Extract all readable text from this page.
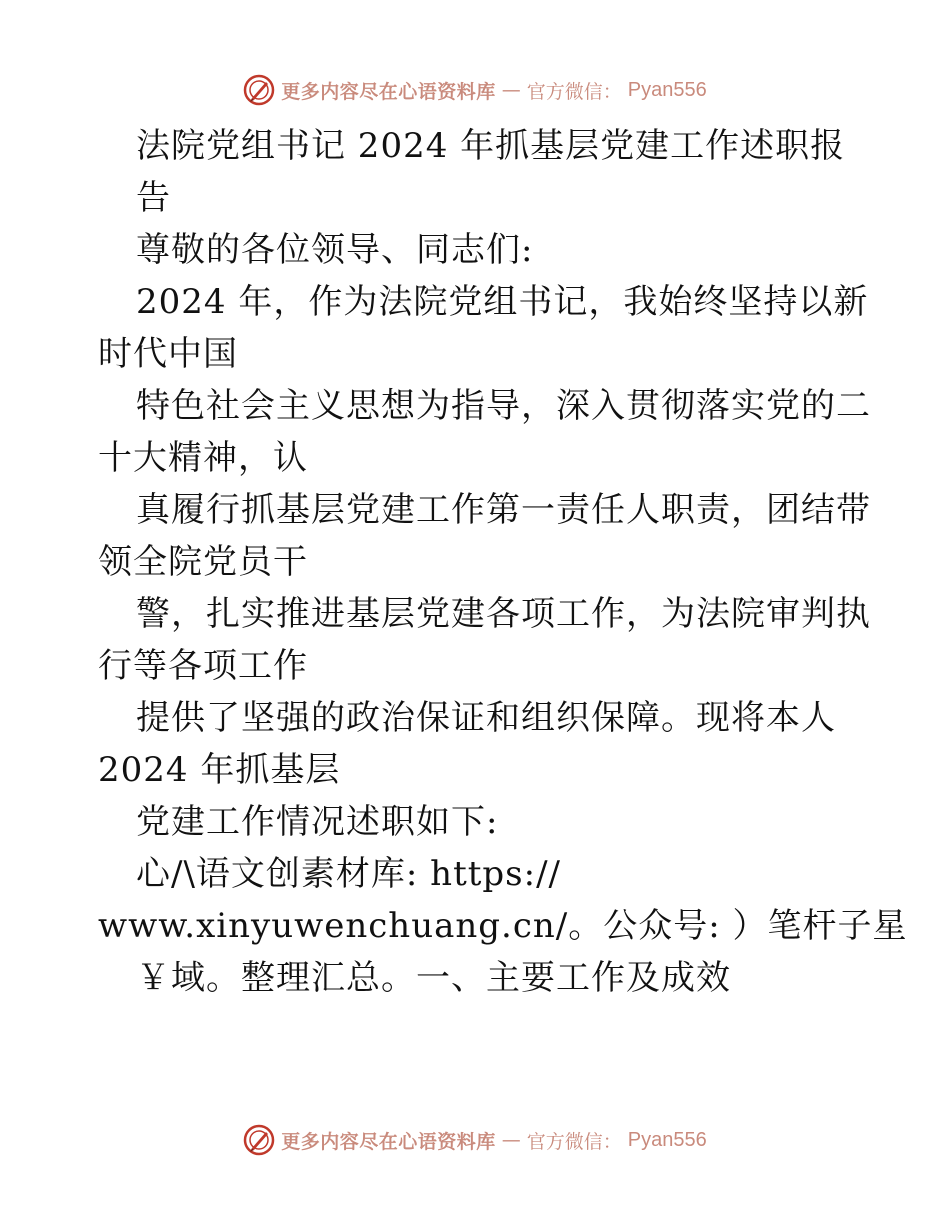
更多内容尽在心语资料库 — 官方微信： Pyan556
法院党组书记 2024 年抓基层党建工作述职报
告
尊敬的各位领导、同志们:
2024 年，作为法院党组书记，我始终坚持以新
时代中国
特色社会主义思想为指导，深入贯彻落实党的二
十大精神，认
真履行抓基层党建工作第一责任人职责，团结带
领全院党员干
警，扎实推进基层党建各项工作，为法院审判执
行等各项工作
提供了坚强的政治保证和组织保障。现将本人
2024 年抓基层
党建工作情况述职如下:
心/\语文创素材库: https://
www.xinyuwenchuang.cn/。公众号: ）笔杆子星
￥域。整理汇总。一、主要工作及成效
更多内容尽在心语资料库 — 官方微信： Pyan556
